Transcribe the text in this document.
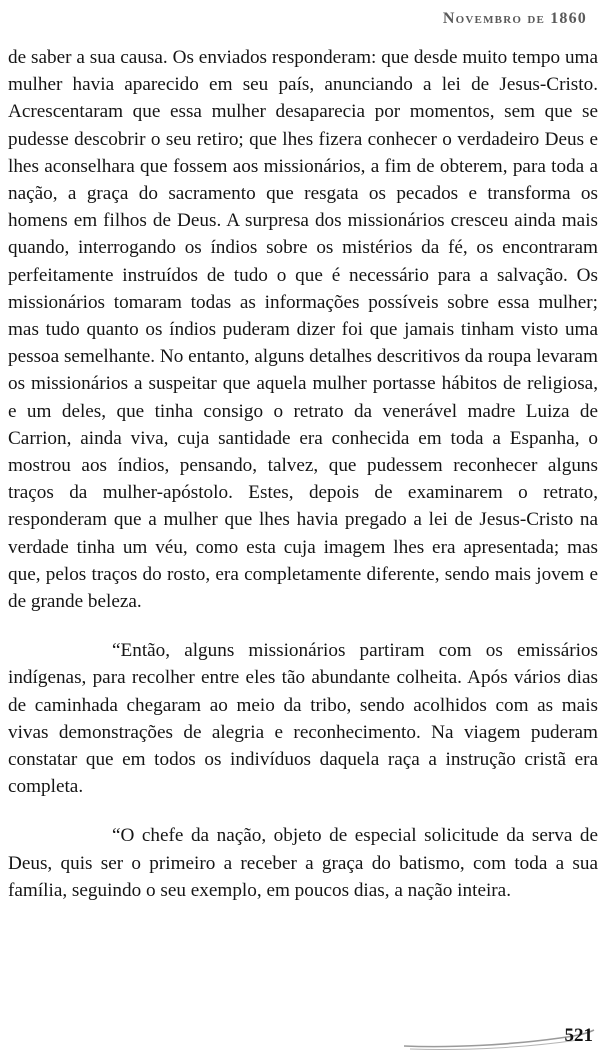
Novembro de 1860

de saber a sua causa. Os enviados responderam: que desde muito tempo uma mulher havia aparecido em seu país, anunciando a lei de Jesus-Cristo. Acrescentaram que essa mulher desaparecia por momentos, sem que se pudesse descobrir o seu retiro; que lhes fizera conhecer o verdadeiro Deus e lhes aconselhara que fossem aos missionários, a fim de obterem, para toda a nação, a graça do sacramento que resgata os pecados e transforma os homens em filhos de Deus. A surpresa dos missionários cresceu ainda mais quando, interrogando os índios sobre os mistérios da fé, os encontraram perfeitamente instruídos de tudo o que é necessário para a salvação. Os missionários tomaram todas as informações possíveis sobre essa mulher; mas tudo quanto os índios puderam dizer foi que jamais tinham visto uma pessoa semelhante. No entanto, alguns detalhes descritivos da roupa levaram os missionários a suspeitar que aquela mulher portasse hábitos de religiosa, e um deles, que tinha consigo o retrato da venerável madre Luiza de Carrion, ainda viva, cuja santidade era conhecida em toda a Espanha, o mostrou aos índios, pensando, talvez, que pudessem reconhecer alguns traços da mulher-apóstolo. Estes, depois de examinarem o retrato, responderam que a mulher que lhes havia pregado a lei de Jesus-Cristo na verdade tinha um véu, como esta cuja imagem lhes era apresentada; mas que, pelos traços do rosto, era completamente diferente, sendo mais jovem e de grande beleza.

“Então, alguns missionários partiram com os emissários indígenas, para recolher entre eles tão abundante colheita. Após vários dias de caminhada chegaram ao meio da tribo, sendo acolhidos com as mais vivas demonstrações de alegria e reconhecimento. Na viagem puderam constatar que em todos os indivíduos daquela raça a instrução cristã era completa.

“O chefe da nação, objeto de especial solicitude da serva de Deus, quis ser o primeiro a receber a graça do batismo, com toda a sua família, seguindo o seu exemplo, em poucos dias, a nação inteira.

521
